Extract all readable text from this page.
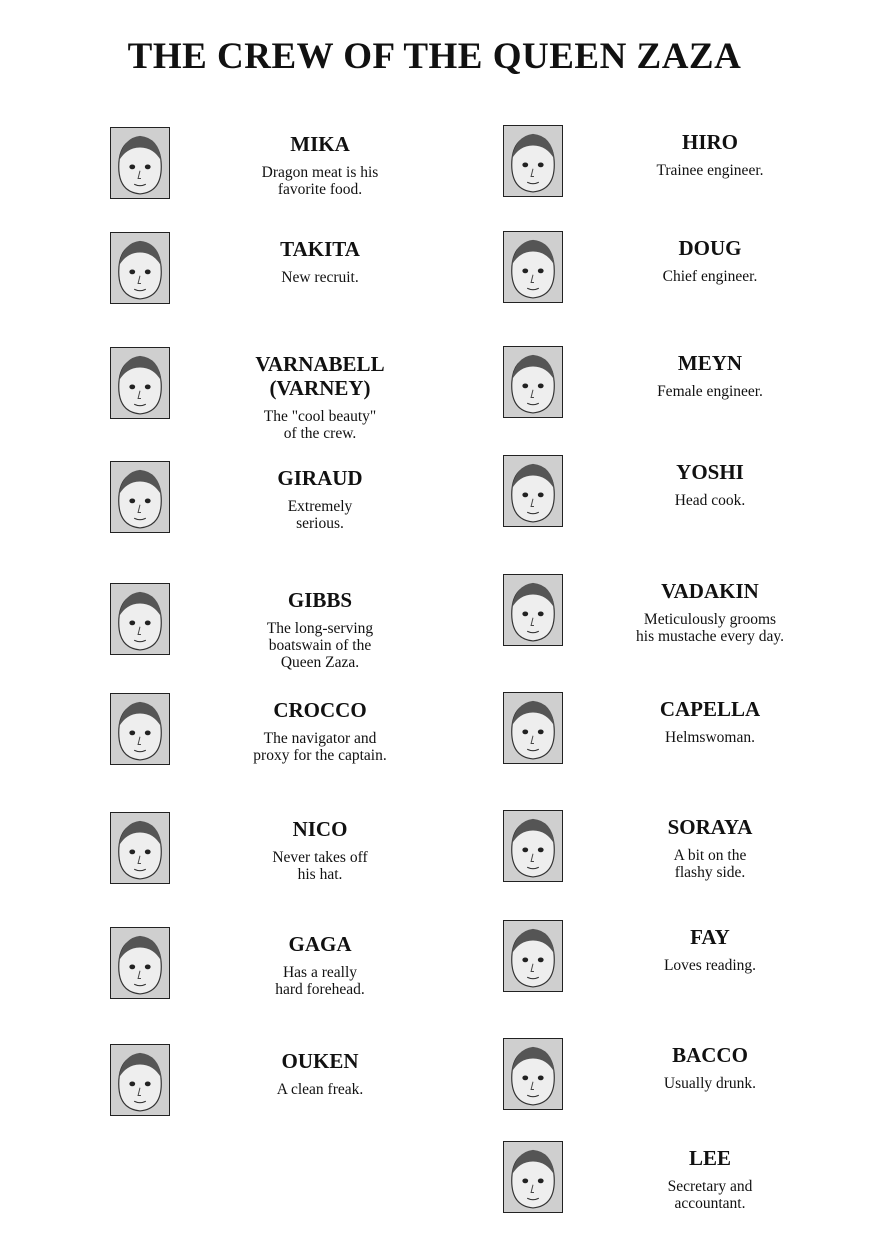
THE CREW OF THE QUEEN ZAZA
MIKA
Dragon meat is his
favorite food.
TAKITA
New recruit.
VARNABELL
(VARNEY)
The "cool beauty"
of the crew.
GIRAUD
Extremely
serious.
GIBBS
The long-serving
boatswain of the
Queen Zaza.
CROCCO
The navigator and
proxy for the captain.
NICO
Never takes off
his hat.
GAGA
Has a really
hard forehead.
OUKEN
A clean freak.
HIRO
Trainee engineer.
DOUG
Chief engineer.
MEYN
Female engineer.
YOSHI
Head cook.
VADAKIN
Meticulously grooms
his mustache every day.
CAPELLA
Helmswoman.
SORAYA
A bit on the
flashy side.
FAY
Loves reading.
BACCO
Usually drunk.
LEE
Secretary and
accountant.
